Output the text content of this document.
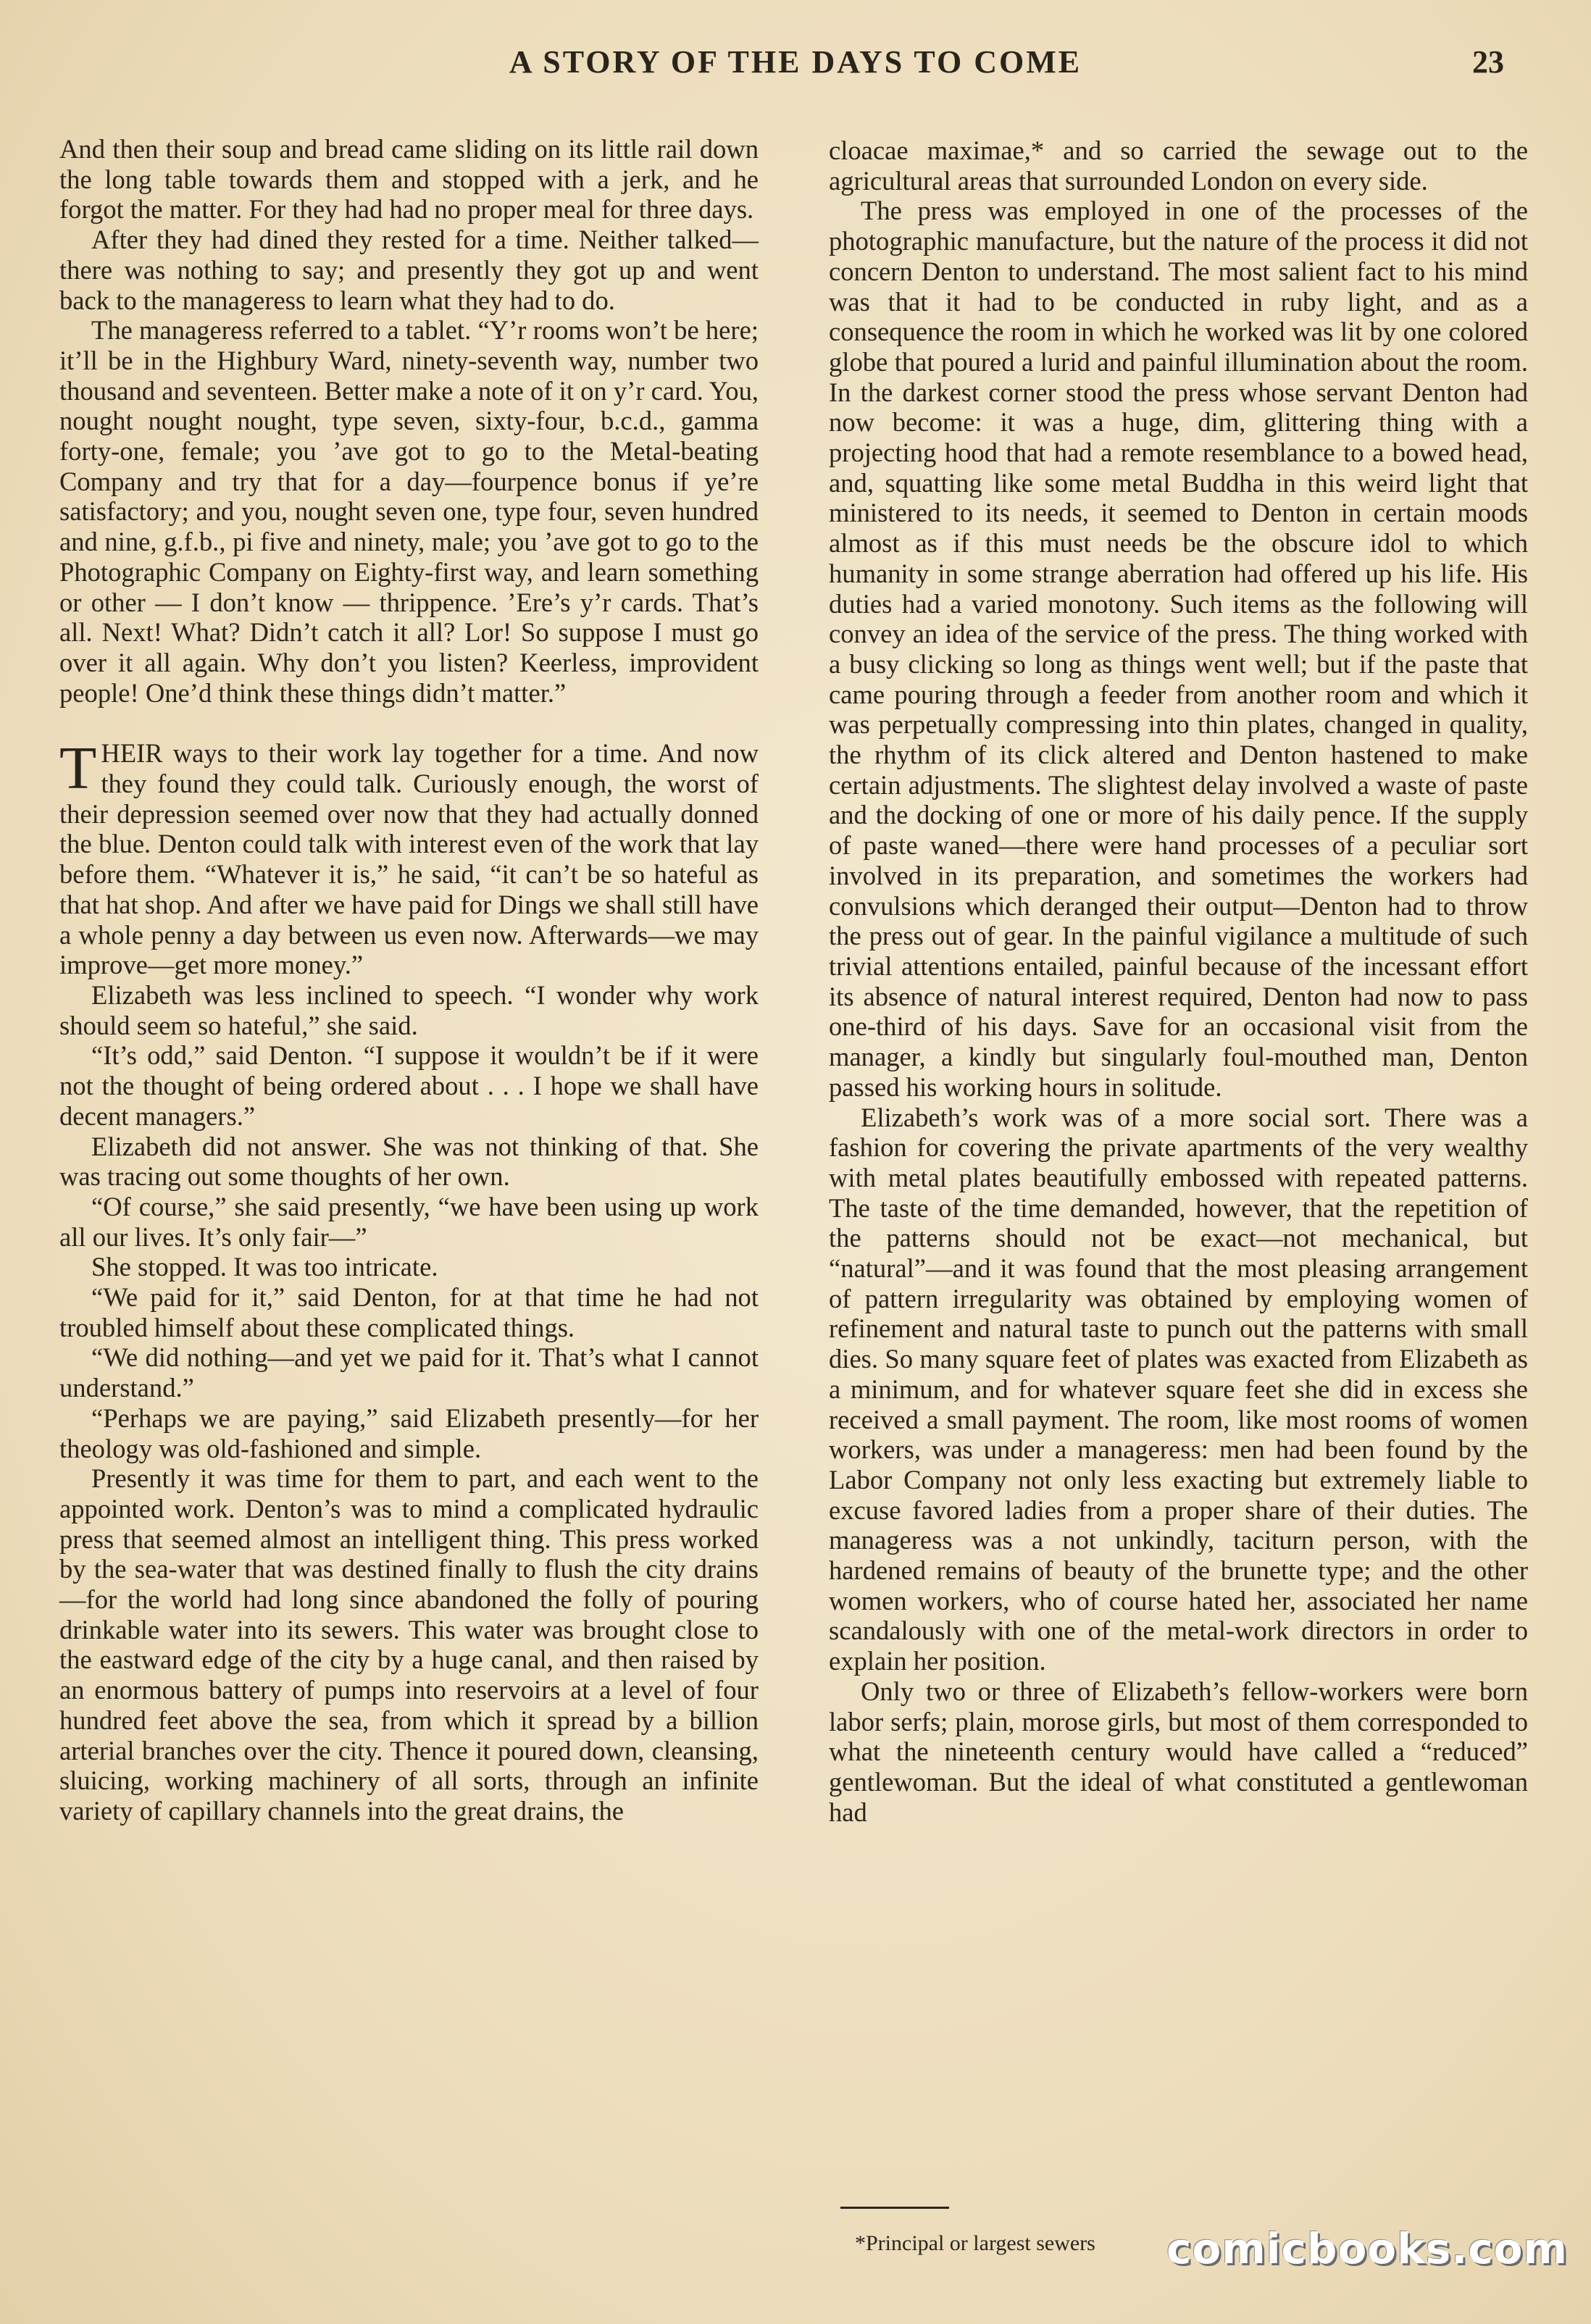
A STORY OF THE DAYS TO COME	23

And then their soup and bread came sliding on its little rail down the long table towards them and stopped with a jerk, and he forgot the matter. For they had had no proper meal for three days.

After they had dined they rested for a time. Neither talked—there was nothing to say; and presently they got up and went back to the manageress to learn what they had to do.

The manageress referred to a tablet. “Y’r rooms won’t be here; it’ll be in the Highbury Ward, ninety-seventh way, number two thousand and seventeen. Better make a note of it on y’r card. You, nought nought nought, type seven, sixty-four, b.c.d., gamma forty-one, female; you ’ave got to go to the Metal-beating Company and try that for a day—fourpence bonus if ye’re satisfactory; and you, nought seven one, type four, seven hundred and nine, g.f.b., pi five and ninety, male; you ’ave got to go to the Photographic Company on Eighty-first way, and learn something or other — I don’t know — thrippence. ’Ere’s y’r cards. That’s all. Next! What? Didn’t catch it all? Lor! So suppose I must go over it all again. Why don’t you listen? Keerless, improvident people! One’d think these things didn’t matter.”

THEIR ways to their work lay together for a time. And now they found they could talk. Curiously enough, the worst of their depression seemed over now that they had actually donned the blue. Denton could talk with interest even of the work that lay before them. “Whatever it is,” he said, “it can’t be so hateful as that hat shop. And after we have paid for Dings we shall still have a whole penny a day between us even now. Afterwards—we may improve—get more money.”

Elizabeth was less inclined to speech. “I wonder why work should seem so hateful,” she said.

“It’s odd,” said Denton. “I suppose it wouldn’t be if it were not the thought of being ordered about . . . I hope we shall have decent managers.”

Elizabeth did not answer. She was not thinking of that. She was tracing out some thoughts of her own.

“Of course,” she said presently, “we have been using up work all our lives. It’s only fair—”

She stopped. It was too intricate.

“We paid for it,” said Denton, for at that time he had not troubled himself about these complicated things.

“We did nothing—and yet we paid for it. That’s what I cannot understand.”

“Perhaps we are paying,” said Elizabeth presently—for her theology was old-fashioned and simple.

Presently it was time for them to part, and each went to the appointed work. Denton’s was to mind a complicated hydraulic press that seemed almost an intelligent thing. This press worked by the sea-water that was destined finally to flush the city drains—for the world had long since abandoned the folly of pouring drinkable water into its sewers. This water was brought close to the eastward edge of the city by a huge canal, and then raised by an enormous battery of pumps into reservoirs at a level of four hundred feet above the sea, from which it spread by a billion arterial branches over the city. Thence it poured down, cleansing, sluicing, working machinery of all sorts, through an infinite variety of capillary channels into the great drains, the

cloacae maximae,* and so carried the sewage out to the agricultural areas that surrounded London on every side.

The press was employed in one of the processes of the photographic manufacture, but the nature of the process it did not concern Denton to understand. The most salient fact to his mind was that it had to be conducted in ruby light, and as a consequence the room in which he worked was lit by one colored globe that poured a lurid and painful illumination about the room. In the darkest corner stood the press whose servant Denton had now become: it was a huge, dim, glittering thing with a projecting hood that had a remote resemblance to a bowed head, and, squatting like some metal Buddha in this weird light that ministered to its needs, it seemed to Denton in certain moods almost as if this must needs be the obscure idol to which humanity in some strange aberration had offered up his life. His duties had a varied monotony. Such items as the following will convey an idea of the service of the press. The thing worked with a busy clicking so long as things went well; but if the paste that came pouring through a feeder from another room and which it was perpetually compressing into thin plates, changed in quality, the rhythm of its click altered and Denton hastened to make certain adjustments. The slightest delay involved a waste of paste and the docking of one or more of his daily pence. If the supply of paste waned—there were hand processes of a peculiar sort involved in its preparation, and sometimes the workers had convulsions which deranged their output—Denton had to throw the press out of gear. In the painful vigilance a multitude of such trivial attentions entailed, painful because of the incessant effort its absence of natural interest required, Denton had now to pass one-third of his days. Save for an occasional visit from the manager, a kindly but singularly foul-mouthed man, Denton passed his working hours in solitude.

Elizabeth’s work was of a more social sort. There was a fashion for covering the private apartments of the very wealthy with metal plates beautifully embossed with repeated patterns. The taste of the time demanded, however, that the repetition of the patterns should not be exact—not mechanical, but “natural”—and it was found that the most pleasing arrangement of pattern irregularity was obtained by employing women of refinement and natural taste to punch out the patterns with small dies. So many square feet of plates was exacted from Elizabeth as a minimum, and for whatever square feet she did in excess she received a small payment. The room, like most rooms of women workers, was under a manageress: men had been found by the Labor Company not only less exacting but extremely liable to excuse favored ladies from a proper share of their duties. The manageress was a not unkindly, taciturn person, with the hardened remains of beauty of the brunette type; and the other women workers, who of course hated her, associated her name scandalously with one of the metal-work directors in order to explain her position.

Only two or three of Elizabeth’s fellow-workers were born labor serfs; plain, morose girls, but most of them corresponded to what the nineteenth century would have called a “reduced” gentlewoman. But the ideal of what constituted a gentlewoman had

*Principal or largest sewers comicbooks.com
